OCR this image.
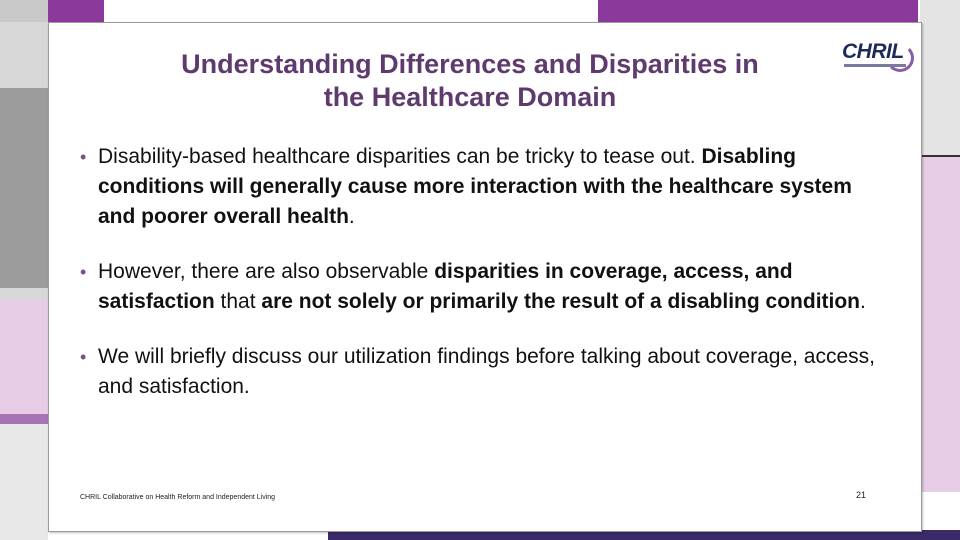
Understanding Differences and Disparities in
the Healthcare Domain
CHRIL
• Disability-based healthcare disparities can be tricky to tease out. Disabling conditions will generally cause more interaction with the healthcare system and poorer overall health.
• However, there are also observable disparities in coverage, access, and satisfaction that are not solely or primarily the result of a disabling condition.
• We will briefly discuss our utilization findings before talking about coverage, access, and satisfaction.
CHRIL Collaborative on Health Reform and Independent Living	21
